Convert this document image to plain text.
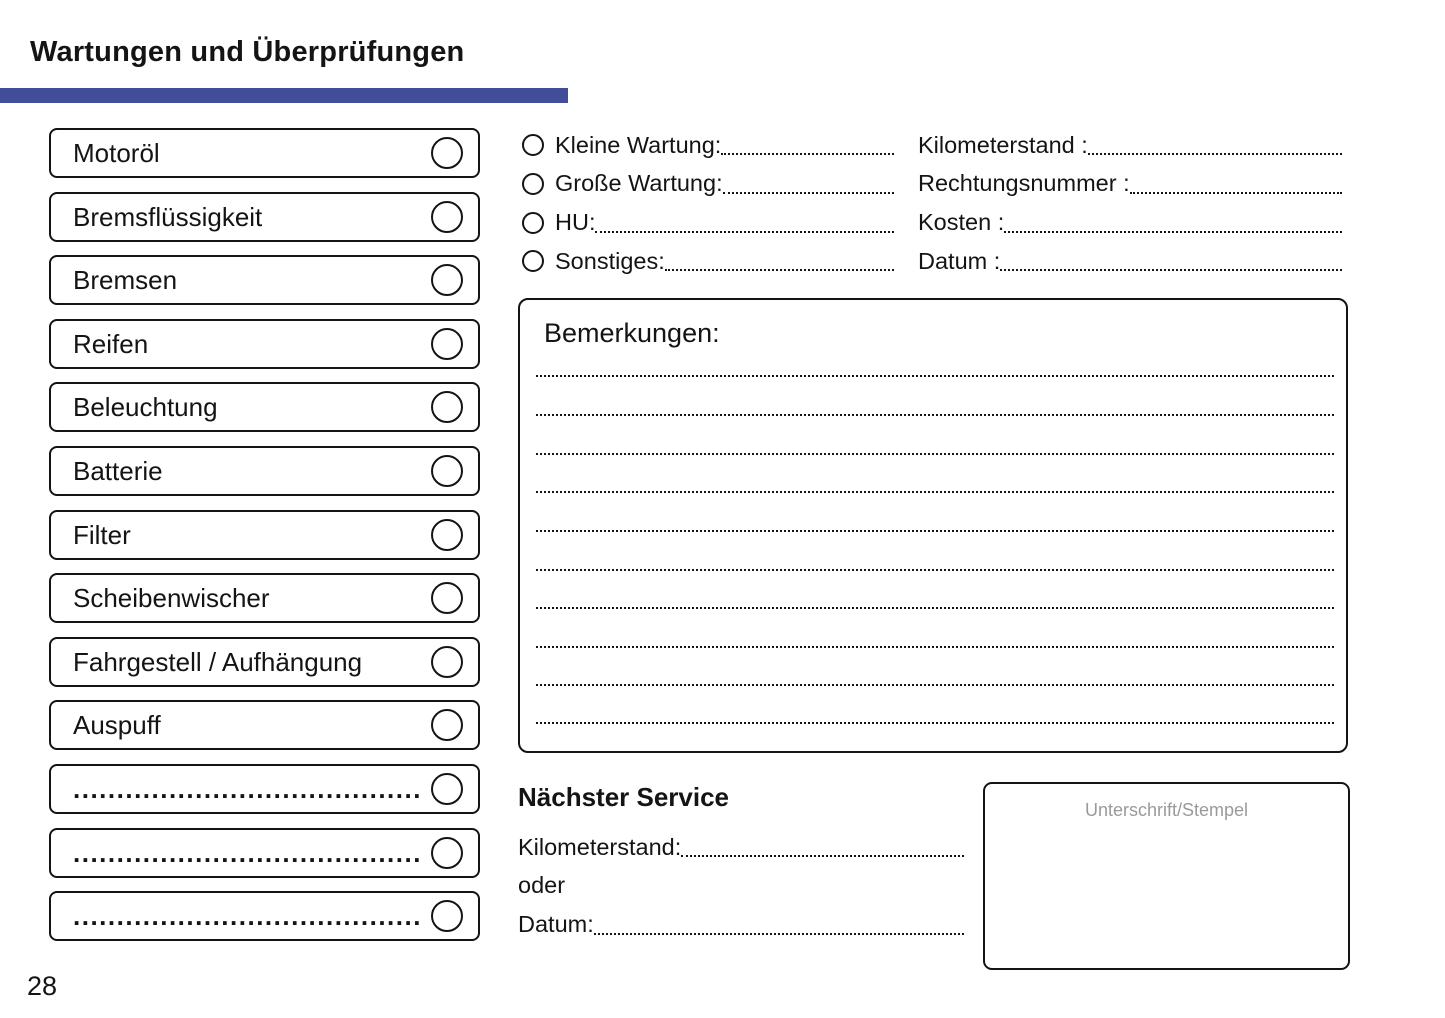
Wartungen und Überprüfungen
Motoröl
Bremsflüssigkeit
Bremsen
Reifen
Beleuchtung
Batterie
Filter
Scheibenwischer
Fahrgestell / Aufhängung
Auspuff
........................................
........................................
........................................
Kleine Wartung:
Große Wartung:
HU:
Sonstiges:
Kilometerstand :
Rechtungsnummer :
Kosten :
Datum :
Bemerkungen:
Nächster Service
Kilometerstand:
oder
Datum:
Unterschrift/Stempel
28
